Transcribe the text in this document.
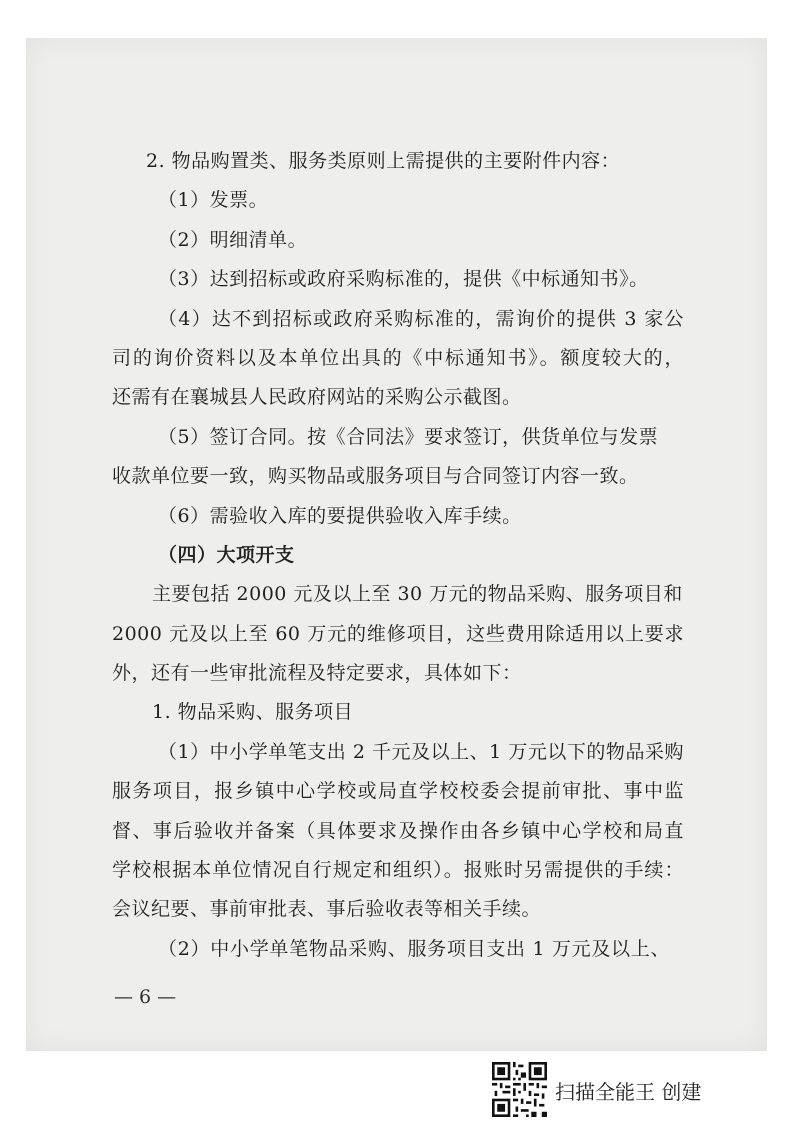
2. 物品购置类、服务类原则上需提供的主要附件内容：
（1）发票。
（2）明细清单。
（3）达到招标或政府采购标准的，提供《中标通知书》。
（4）达不到招标或政府采购标准的，需询价的提供 3 家公
司的询价资料以及本单位出具的《中标通知书》。额度较大的，
还需有在襄城县人民政府网站的采购公示截图。
（5）签订合同。按《合同法》要求签订，供货单位与发票
收款单位要一致，购买物品或服务项目与合同签订内容一致。
（6）需验收入库的要提供验收入库手续。
（四）大项开支
主要包括 2000 元及以上至 30 万元的物品采购、服务项目和
2000 元及以上至 60 万元的维修项目，这些费用除适用以上要求
外，还有一些审批流程及特定要求，具体如下：
1. 物品采购、服务项目
（1）中小学单笔支出 2 千元及以上、1 万元以下的物品采购
服务项目，报乡镇中心学校或局直学校校委会提前审批、事中监
督、事后验收并备案（具体要求及操作由各乡镇中心学校和局直
学校根据本单位情况自行规定和组织）。报账时另需提供的手续：
会议纪要、事前审批表、事后验收表等相关手续。
（2）中小学单笔物品采购、服务项目支出 1 万元及以上、
— 6 —
扫描全能王 创建
